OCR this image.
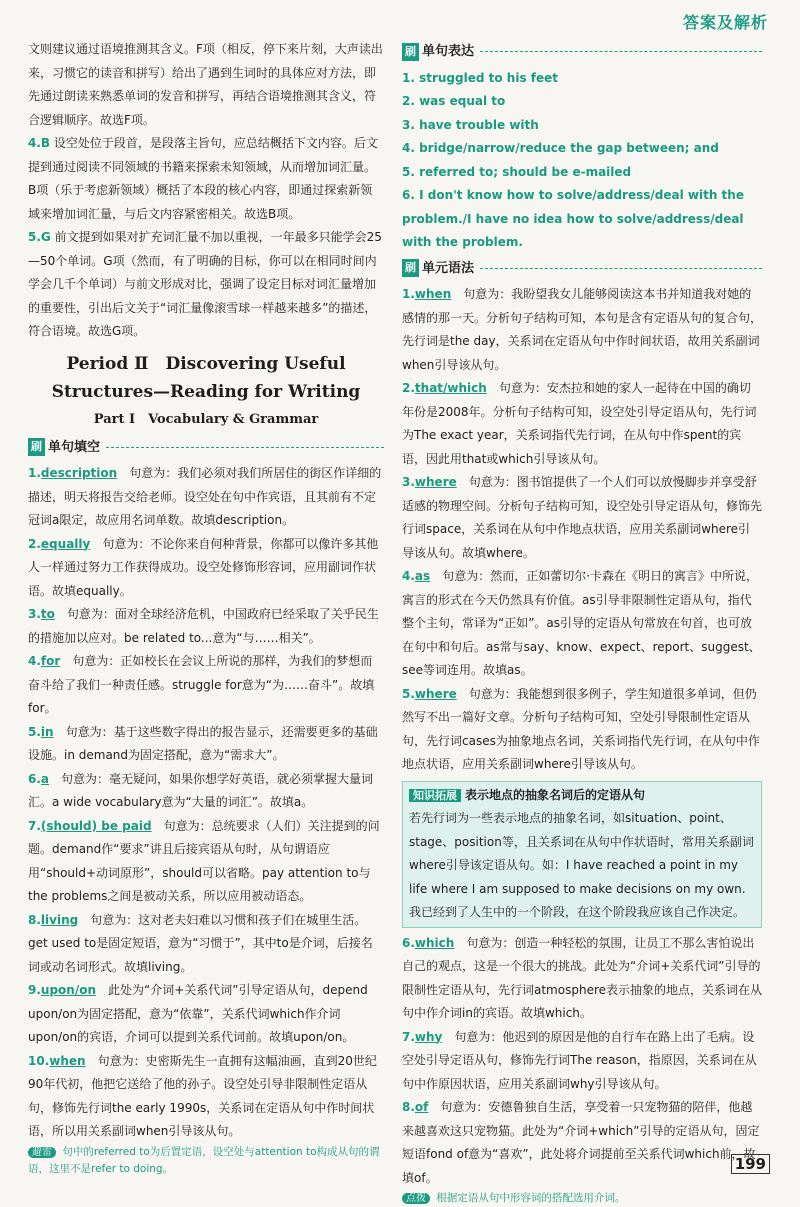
答案及解析

文则建议通过语境推测其含义。F项（相反，停下来片刻，大声读出来，习惯它的读音和拼写）给出了遇到生词时的具体应对方法，即先通过朗读来熟悉单词的发音和拼写，再结合语境推测其含义，符合逻辑顺序。故选F项。

4.B 设空处位于段首，是段落主旨句，应总结概括下文内容。后文提到通过阅读不同领域的书籍来探索未知领域，从而增加词汇量。B项（乐于考虑新领域）概括了本段的核心内容，即通过探索新领域来增加词汇量，与后文内容紧密相关。故选B项。

5.G 前文提到如果对扩充词汇量不加以重视，一年最多只能学会25—50个单词。G项（然而，有了明确的目标，你可以在相同时间内学会几千个单词）与前文形成对比，强调了设定目标对词汇量增加的重要性，引出后文关于“词汇量像滚雪球一样越来越多”的描述，符合语境。故选G项。

Period Ⅱ　Discovering Useful Structures—Reading for Writing
Part Ⅰ　Vocabulary & Grammar
刷 单句填空

1.description　 句意为：我们必须对我们所居住的街区作详细的描述，明天将报告交给老师。设空处在句中作宾语，且其前有不定冠词a限定，故应用名词单数。故填description。

2.equally　 句意为：不论你来自何种背景，你都可以像许多其他人一样通过努力工作获得成功。设空处修饰形容词，应用副词作状语。故填equally。

3.to　 句意为：面对全球经济危机，中国政府已经采取了关乎民生的措施加以应对。be related to...意为“与……相关”。

4.for　 句意为：正如校长在会议上所说的那样，为我们的梦想而奋斗给了我们一种责任感。struggle for意为“为……奋斗”。故填for。

5.in　 句意为：基于这些数字得出的报告显示，还需要更多的基础设施。in demand为固定搭配，意为“需求大”。

6.a　 句意为：毫无疑问，如果你想学好英语，就必须掌握大量词汇。a wide vocabulary意为“大量的词汇”。故填a。

7.(should) be paid　 句意为：总统要求（人们）关注提到的问题。demand作“要求”讲且后接宾语从句时，从句谓语应用“should+动词原形”，should可以省略。pay attention to与the problems之间是被动关系，所以应用被动语态。

8.living　 句意为：这对老夫妇难以习惯和孩子们在城里生活。get used to是固定短语，意为“习惯于”，其中to是介词，后接名词或动名词形式。故填living。

9.upon/on　 此处为“介词+关系代词”引导定语从句，depend upon/on为固定搭配，意为“依靠”，关系代词which作介词upon/on的宾语，介词可以提到关系代词前。故填upon/on。

10.when　 句意为：史密斯先生一直拥有这幅油画，直到20世纪90年代初，他把它送给了他的孙子。设空处引导非限制性定语从句，修饰先行词the early 1990s，关系词在定语从句中作时间状语，所以用关系副词when引导该从句。

避雷 句中的referred to为后置定语，设空处与attention to构成从句的谓语，这里不是refer to doing。
刷 单句表达

1. struggled to his feet

2. was equal to

3. have trouble with

4. bridge/narrow/reduce the gap between; and

5. referred to; should be e-mailed

6. I don't know how to solve/address/deal with the problem./I have no idea how to solve/address/deal with the problem.

刷 单元语法

1.when　 句意为：我盼望我女儿能够阅读这本书并知道我对她的感情的那一天。分析句子结构可知，本句是含有定语从句的复合句，先行词是the day，关系词在定语从句中作时间状语，故用关系副词when引导该从句。

2.that/which　 句意为：安杰拉和她的家人一起待在中国的确切年份是2008年。分析句子结构可知，设空处引导定语从句，先行词为The exact year，关系词指代先行词，在从句中作spent的宾语，因此用that或which引导该从句。

3.where　 句意为：图书馆提供了一个人们可以放慢脚步并享受舒适感的物理空间。分析句子结构可知，设空处引导定语从句，修饰先行词space，关系词在从句中作地点状语，应用关系副词where引导该从句。故填where。

4.as　 句意为：然而，正如蕾切尔·卡森在《明日的寓言》中所说，寓言的形式在今天仍然具有价值。as引导非限制性定语从句，指代整个主句，常译为“正如”。as引导的定语从句常放在句首，也可放在句中和句后。as常与say、know、expect、report、suggest、see等词连用。故填as。

5.where　 句意为：我能想到很多例子，学生知道很多单词，但仍然写不出一篇好文章。分析句子结构可知，空处引导限制性定语从句，先行词cases为抽象地点名词，关系词指代先行词，在从句中作地点状语，应用关系副词where引导该从句。

知识拓展 表示地点的抽象名词后的定语从句

若先行词为一些表示地点的抽象名词，如situation、point、stage、position等，且关系词在从句中作状语时，常用关系副词where引导该定语从句。如：I have reached a point in my life where I am supposed to make decisions on my own. 我已经到了人生中的一个阶段，在这个阶段我应该自己作决定。

6.which　 句意为：创造一种轻松的氛围，让员工不那么害怕说出自己的观点，这是一个很大的挑战。此处为“介词+关系代词”引导的限制性定语从句，先行词atmosphere表示抽象的地点，关系词在从句中作介词in的宾语。故填which。

7.why　 句意为：他迟到的原因是他的自行车在路上出了毛病。设空处引导定语从句，修饰先行词The reason，指原因，关系词在从句中作原因状语，应用关系副词why引导该从句。

8.of　 句意为：安德鲁独自生活，享受着一只宠物猫的陪伴，他越来越喜欢这只宠物猫。此处为“介词+which”引导的定语从句，固定短语fond of意为“喜欢”，此处将介词提前至关系代词which前，故填of。

点拨 根据定语从句中形容词的搭配选用介词。
199
